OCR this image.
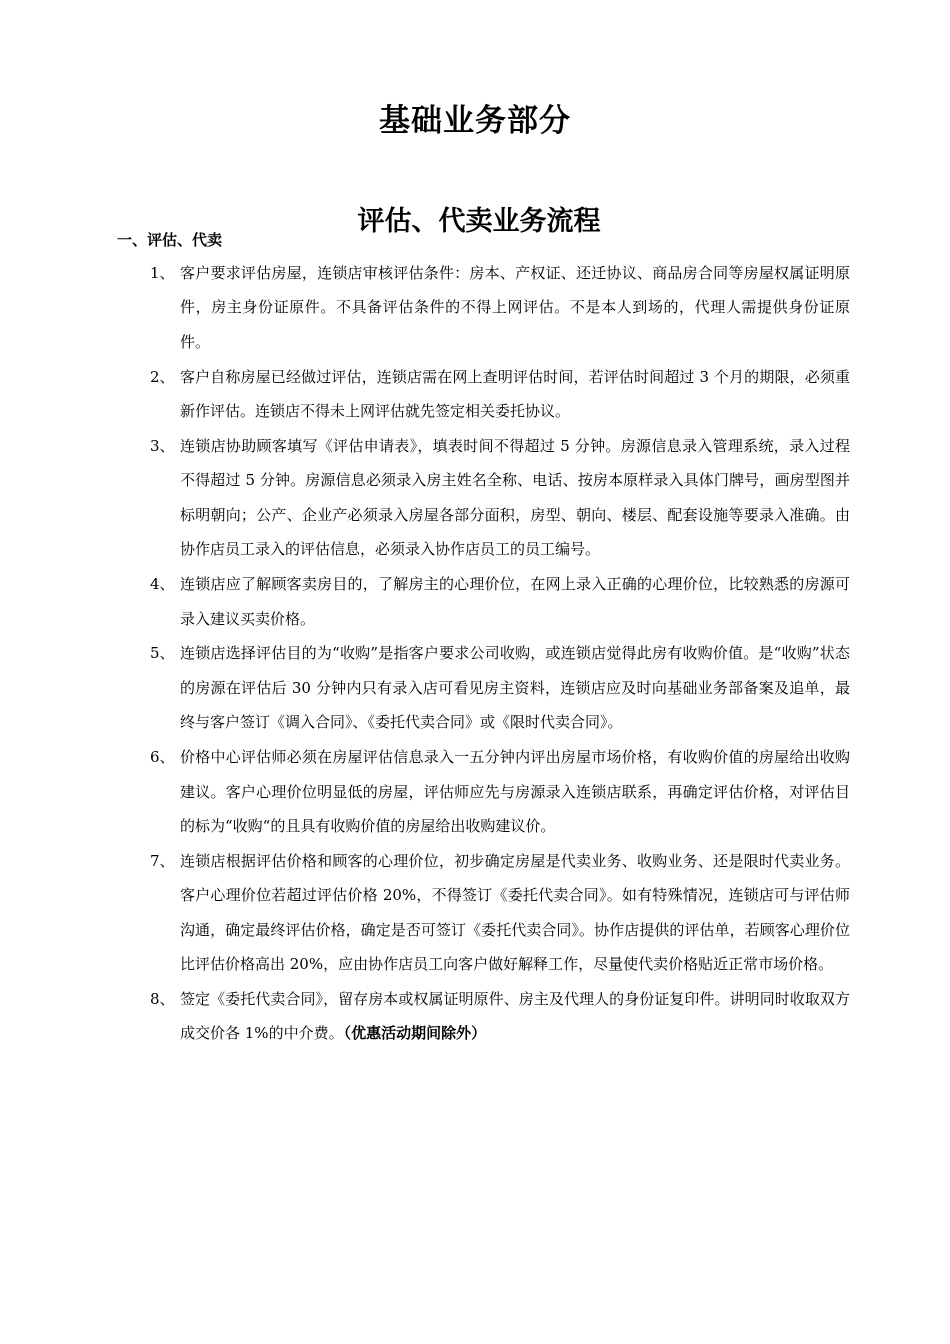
基础业务部分
评估、代卖业务流程
一、评估、代卖
1、 客户要求评估房屋，连锁店审核评估条件：房本、产权证、还迁协议、商品房合同等房屋权属证明原件，房主身份证原件。不具备评估条件的不得上网评估。不是本人到场的，代理人需提供身份证原件。
2、 客户自称房屋已经做过评估，连锁店需在网上查明评估时间，若评估时间超过 3 个月的期限，必须重新作评估。连锁店不得未上网评估就先签定相关委托协议。
3、 连锁店协助顾客填写《评估申请表》，填表时间不得超过 5 分钟。房源信息录入管理系统，录入过程不得超过 5 分钟。房源信息必须录入房主姓名全称、电话、按房本原样录入具体门牌号，画房型图并标明朝向；公产、企业产必须录入房屋各部分面积，房型、朝向、楼层、配套设施等要录入准确。由协作店员工录入的评估信息，必须录入协作店员工的员工编号。
4、 连锁店应了解顾客卖房目的，了解房主的心理价位，在网上录入正确的心理价位，比较熟悉的房源可录入建议买卖价格。
5、 连锁店选择评估目的为“收购”是指客户要求公司收购，或连锁店觉得此房有收购价值。是“收购”状态的房源在评估后 30 分钟内只有录入店可看见房主资料，连锁店应及时向基础业务部备案及追单，最终与客户签订《调入合同》、《委托代卖合同》或《限时代卖合同》。
6、 价格中心评估师必须在房屋评估信息录入一五分钟内评出房屋市场价格，有收购价值的房屋给出收购建议。客户心理价位明显低的房屋，评估师应先与房源录入连锁店联系，再确定评估价格，对评估目的标为“收购“的且具有收购价值的房屋给出收购建议价。
7、 连锁店根据评估价格和顾客的心理价位，初步确定房屋是代卖业务、收购业务、还是限时代卖业务。客户心理价位若超过评估价格 20%，不得签订《委托代卖合同》。如有特殊情况，连锁店可与评估师沟通，确定最终评估价格，确定是否可签订《委托代卖合同》。协作店提供的评估单，若顾客心理价位比评估价格高出 20%，应由协作店员工向客户做好解释工作，尽量使代卖价格贴近正常市场价格。
8、 签定《委托代卖合同》，留存房本或权属证明原件、房主及代理人的身份证复印件。讲明同时收取双方成交价各 1%的中介费。（优惠活动期间除外）
